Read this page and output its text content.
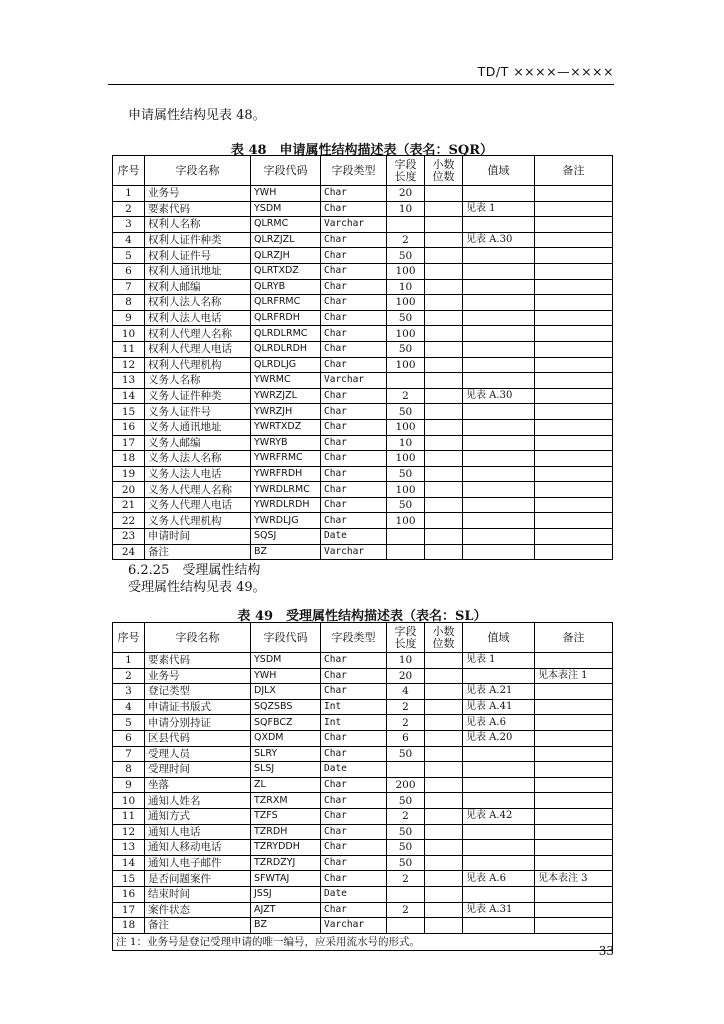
TD/T ××××—××××
申请属性结构见表 48。
表 48　申请属性结构描述表（表名：SQR）
序号	字段名称	字段代码	字段类型	字段长度	小数位数	值域	备注
1	业务号	YWH	Char	20			
2	要素代码	YSDM	Char	10		见表 1	
3	权利人名称	QLRMC	Varchar				
4	权利人证件种类	QLRZJZL	Char	2		见表 A.30	
5	权利人证件号	QLRZJH	Char	50			
6	权利人通讯地址	QLRTXDZ	Char	100			
7	权利人邮编	QLRYB	Char	10			
8	权利人法人名称	QLRFRMC	Char	100			
9	权利人法人电话	QLRFRDH	Char	50			
10	权利人代理人名称	QLRDLRMC	Char	100			
11	权利人代理人电话	QLRDLRDH	Char	50			
12	权利人代理机构	QLRDLJG	Char	100			
13	义务人名称	YWRMC	Varchar				
14	义务人证件种类	YWRZJZL	Char	2		见表 A.30	
15	义务人证件号	YWRZJH	Char	50			
16	义务人通讯地址	YWRTXDZ	Char	100			
17	义务人邮编	YWRYB	Char	10			
18	义务人法人名称	YWRFRMC	Char	100			
19	义务人法人电话	YWRFRDH	Char	50			
20	义务人代理人名称	YWRDLRMC	Char	100			
21	义务人代理人电话	YWRDLRDH	Char	50			
22	义务人代理机构	YWRDLJG	Char	100			
23	申请时间	SQSJ	Date				
24	备注	BZ	Varchar				
6.2.25　受理属性结构
受理属性结构见表 49。
表 49　受理属性结构描述表（表名：SL）
序号	字段名称	字段代码	字段类型	字段长度	小数位数	值域	备注
1	要素代码	YSDM	Char	10		见表 1	
2	业务号	YWH	Char	20			见本表注 1
3	登记类型	DJLX	Char	4		见表 A.21	
4	申请证书版式	SQZSBS	Int	2		见表 A.41	
5	申请分别持证	SQFBCZ	Int	2		见表 A.6	
6	区县代码	QXDM	Char	6		见表 A.20	
7	受理人员	SLRY	Char	50			
8	受理时间	SLSJ	Date				
9	坐落	ZL	Char	200			
10	通知人姓名	TZRXM	Char	50			
11	通知方式	TZFS	Char	2		见表 A.42	
12	通知人电话	TZRDH	Char	50			
13	通知人移动电话	TZRYDDH	Char	50			
14	通知人电子邮件	TZRDZYJ	Char	50			
15	是否问题案件	SFWTAJ	Char	2		见表 A.6	见本表注 3
16	结束时间	JSSJ	Date				
17	案件状态	AJZT	Char	2		见表 A.31	
18	备注	BZ	Varchar				
注 1：业务号是登记受理申请的唯一编号，应采用流水号的形式。							
33
